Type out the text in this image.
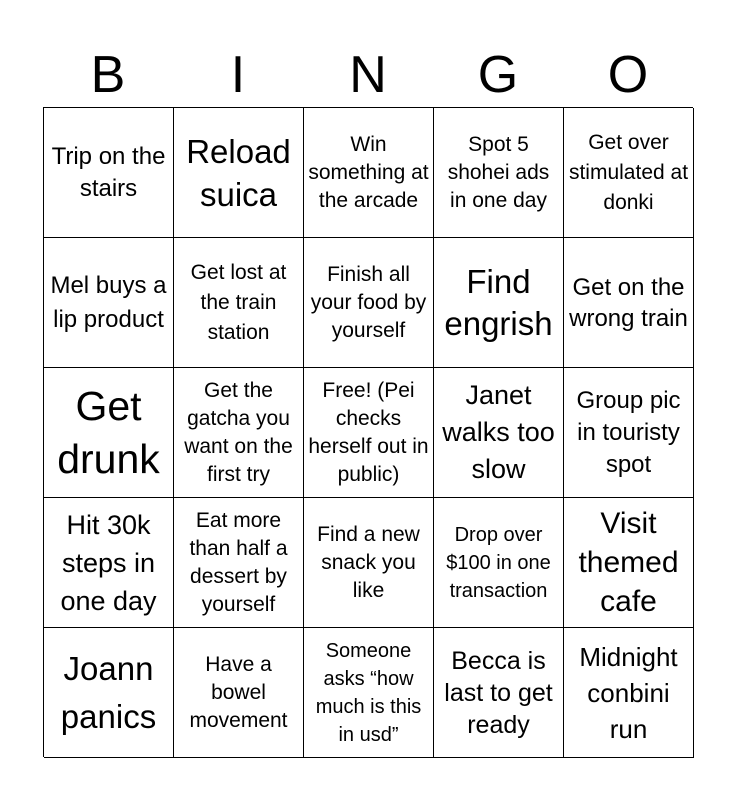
B	I	N	G	O
Trip on the stairs
Reload suica
Win something at the arcade
Spot 5 shohei ads in one day
Get over stimulated at donki
Mel buys a lip product
Get lost at the train station
Finish all your food by yourself
Find engrish
Get on the wrong train
Get drunk
Get the gatcha you want on the first try
Free! (Pei checks herself out in public)
Janet walks too slow
Group pic in touristy spot
Hit 30k steps in one day
Eat more than half a dessert by yourself
Find a new snack you like
Drop over $100 in one transaction
Visit themed cafe
Joann panics
Have a bowel movement
Someone asks “how much is this in usd”
Becca is last to get ready
Midnight conbini run
